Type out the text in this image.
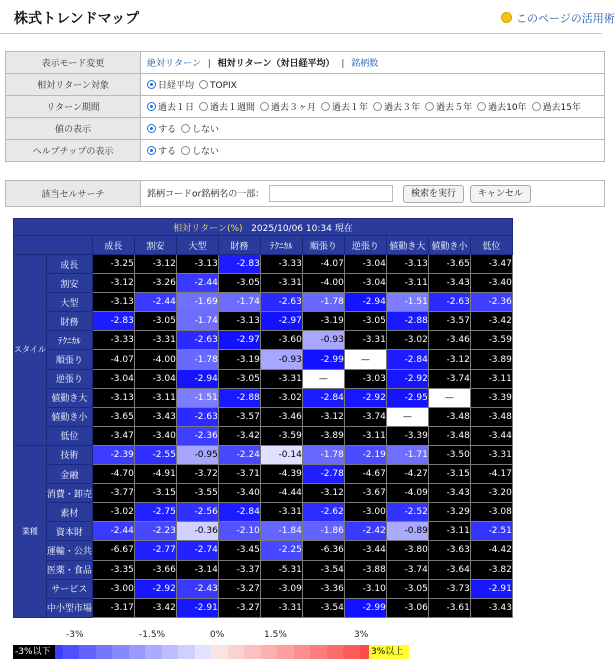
株式トレンドマップ	このページの活用術
表示モード変更	絶対リターン | 相対リターン（対日経平均） | 銘柄数
相対リターン対象	日経平均 TOPIX
リターン期間	過去１日 過去１週間 過去３ヶ月 過去１年 過去３年 過去５年 過去10年 過去15年
値の表示	する しない
ヘルプチップの表示	する しない
該当セルサーチ	銘柄コードor銘柄名の一部：	検索を実行 キャンセル
相対リターン(%) 2025/10/06 10:34 現在											
		成長	割安	大型	財務	ﾃｸﾆｶﾙ	順張り	逆張り	値動き大	値動き小	低位
スタイル	成長	-3.25	-3.12	-3.13	-2.83	-3.33	-4.07	-3.04	-3.13	-3.65	-3.47
	割安	-3.12	-3.26	-2.44	-3.05	-3.31	-4.00	-3.04	-3.11	-3.43	-3.40
	大型	-3.13	-2.44	-1.69	-1.74	-2.63	-1.78	-2.94	-1.51	-2.63	-2.36
	財務	-2.83	-3.05	-1.74	-3.13	-2.97	-3.19	-3.05	-2.88	-3.57	-3.42
	ﾃｸﾆｶﾙ	-3.33	-3.31	-2.63	-2.97	-3.60	-0.93	-3.31	-3.02	-3.46	-3.59
	順張り	-4.07	-4.00	-1.78	-3.19	-0.93	-2.99	—	-2.84	-3.12	-3.89
	逆張り	-3.04	-3.04	-2.94	-3.05	-3.31	—	-3.03	-2.92	-3.74	-3.11
	値動き大	-3.13	-3.11	-1.51	-2.88	-3.02	-2.84	-2.92	-2.95	—	-3.39
	値動き小	-3.65	-3.43	-2.63	-3.57	-3.46	-3.12	-3.74	—	-3.48	-3.48
	低位	-3.47	-3.40	-2.36	-3.42	-3.59	-3.89	-3.11	-3.39	-3.48	-3.44
業種	技術	-2.39	-2.55	-0.95	-2.24	-0.14	-1.78	-2.19	-1.71	-3.50	-3.31
	金融	-4.70	-4.91	-3.72	-3.71	-4.39	-2.78	-4.67	-4.27	-3.15	-4.17
	消費・卸売	-3.77	-3.15	-3.55	-3.40	-4.44	-3.12	-3.67	-4.09	-3.43	-3.20
	素材	-3.02	-2.75	-2.56	-2.84	-3.31	-2.62	-3.00	-2.52	-3.29	-3.08
	資本財	-2.44	-2.23	-0.36	-2.10	-1.84	-1.86	-2.42	-0.89	-3.11	-2.51
	運輸・公共	-6.67	-2.77	-2.74	-3.45	-2.25	-6.36	-3.44	-3.80	-3.63	-4.42
	医薬・食品	-3.35	-3.66	-3.14	-3.37	-5.31	-3.54	-3.88	-3.74	-3.64	-3.82
	サービス	-3.00	-2.92	-2.43	-3.27	-3.09	-3.36	-3.10	-3.05	-3.73	-2.91
	中小型市場	-3.17	-3.42	-2.91	-3.27	-3.31	-3.54	-2.99	-3.06	-3.61	-3.43
-3%	-1.5%	0%	1.5%	3%
-3%以下	3%以上
